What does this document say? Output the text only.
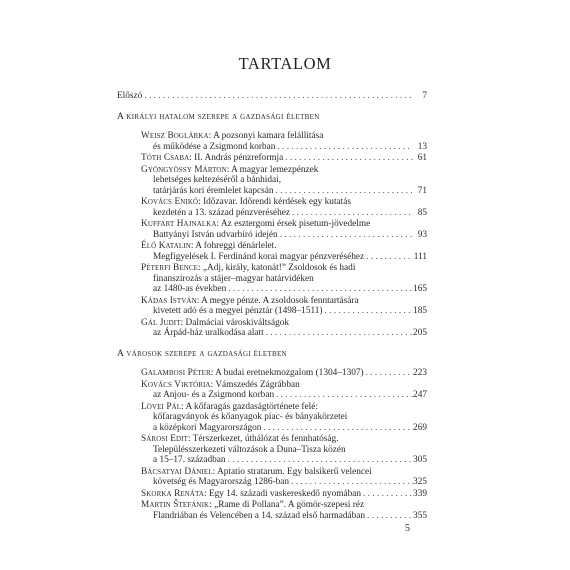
TARTALOM
Előszó . . .	7
A királyi hatalom szerepe a gazdasági életben
Weisz Boglárka: A pozsonyi kamara felállítása
és működése a Zsigmond korban . . .	13
Tóth Csaba: II. András pénzreformja . . .	61
Gyöngyössy Márton: A magyar lemezpénzek
lehetséges keltezéséről a bánhidai,
tatárjárás kori éremlelet kapcsán . . .	71
Kovács Enikő: Időzavar. Időrendi kérdések egy kutatás
kezdetén a 13. század pénzveréséhez . . .	85
Kuffart Hajnalka: Az esztergomi érsek pisetum-jövedelme
Battyányi István udvarbíró idején . . .	93
Élő Katalin: A fohreggi dénárlelet.
Megfigyelések I. Ferdinánd korai magyar pénzveréséhez . . .	111
Péterfi Bence: „Adj, király, katonát!” Zsoldosok és hadi
finanszírozás a stájer–magyar határvidéken
az 1480-as években . . .	165
Kádas István: A megye pénze. A zsoldosok fenntartására
kivetett adó és a megyei pénztár (1498–1511) . . .	185
Gál Judit: Dalmáciai városkiváltságok
az Árpád-ház uralkodása alatt . . .	205
A városok szerepe a gazdasági életben
Galambosi Péter: A budai eretnekmozgalom (1304–1307) . . .	223
Kovács Viktória: Vámszedés Zágrábban
az Anjou- és a Zsigmond korban . . .	247
Lövei Pál: A kőfaragás gazdaságtörténete felé:
kőfaragványok és kőanyagok piac- és bányakörzetei
a középkori Magyarországon . . .	269
Sárosi Edit: Térszerkezet, úthálózat és fennhatóság.
Településszerkezeti változások a Duna–Tisza közén
a 15–17. században . . .	305
Bácsatyai Dániel: Aptatio stratarum. Egy balsikerű velencei
követség és Magyarország 1286-ban . . .	325
Skorka Renáta: Egy 14. századi vaskereskedő nyomában . . .	339
Martin Štefánik: „Rame di Pollana”. A gömör-szepesi réz
Flandriában és Velencében a 14. század első harmadában . . .	355
5
